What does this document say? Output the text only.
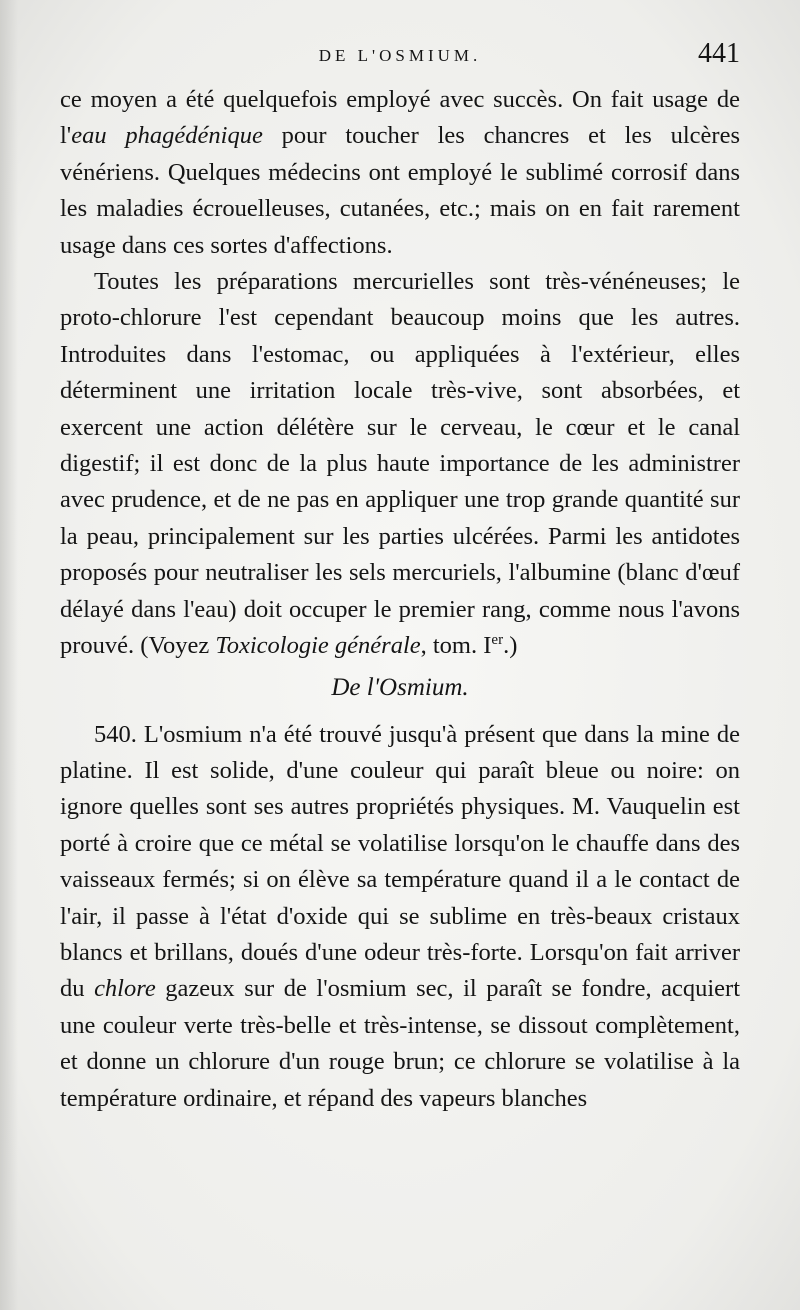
DE L'OSMIUM.	441

ce moyen a été quelquefois employé avec succès. On fait usage de l'eau phagédénique pour toucher les chancres et les ulcères vénériens. Quelques médecins ont employé le sublimé corrosif dans les maladies écrouelleuses, cutanées, etc.; mais on en fait rarement usage dans ces sortes d'affections.

Toutes les préparations mercurielles sont très-vénéneuses; le proto-chlorure l'est cependant beaucoup moins que les autres. Introduites dans l'estomac, ou appliquées à l'extérieur, elles déterminent une irritation locale très-vive, sont absorbées, et exercent une action délétère sur le cerveau, le cœur et le canal digestif; il est donc de la plus haute importance de les administrer avec prudence, et de ne pas en appliquer une trop grande quantité sur la peau, principalement sur les parties ulcérées. Parmi les antidotes proposés pour neutraliser les sels mercuriels, l'albumine (blanc d'œuf délayé dans l'eau) doit occuper le premier rang, comme nous l'avons prouvé. (Voyez Toxicologie générale, tom. Ier.)

De l'Osmium.

540. L'osmium n'a été trouvé jusqu'à présent que dans la mine de platine. Il est solide, d'une couleur qui paraît bleue ou noire: on ignore quelles sont ses autres propriétés physiques. M. Vauquelin est porté à croire que ce métal se volatilise lorsqu'on le chauffe dans des vaisseaux fermés; si on élève sa température quand il a le contact de l'air, il passe à l'état d'oxide qui se sublime en très-beaux cristaux blancs et brillans, doués d'une odeur très-forte. Lorsqu'on fait arriver du chlore gazeux sur de l'osmium sec, il paraît se fondre, acquiert une couleur verte très-belle et très-intense, se dissout complètement, et donne un chlorure d'un rouge brun; ce chlorure se volatilise à la température ordinaire, et répand des vapeurs blanches
